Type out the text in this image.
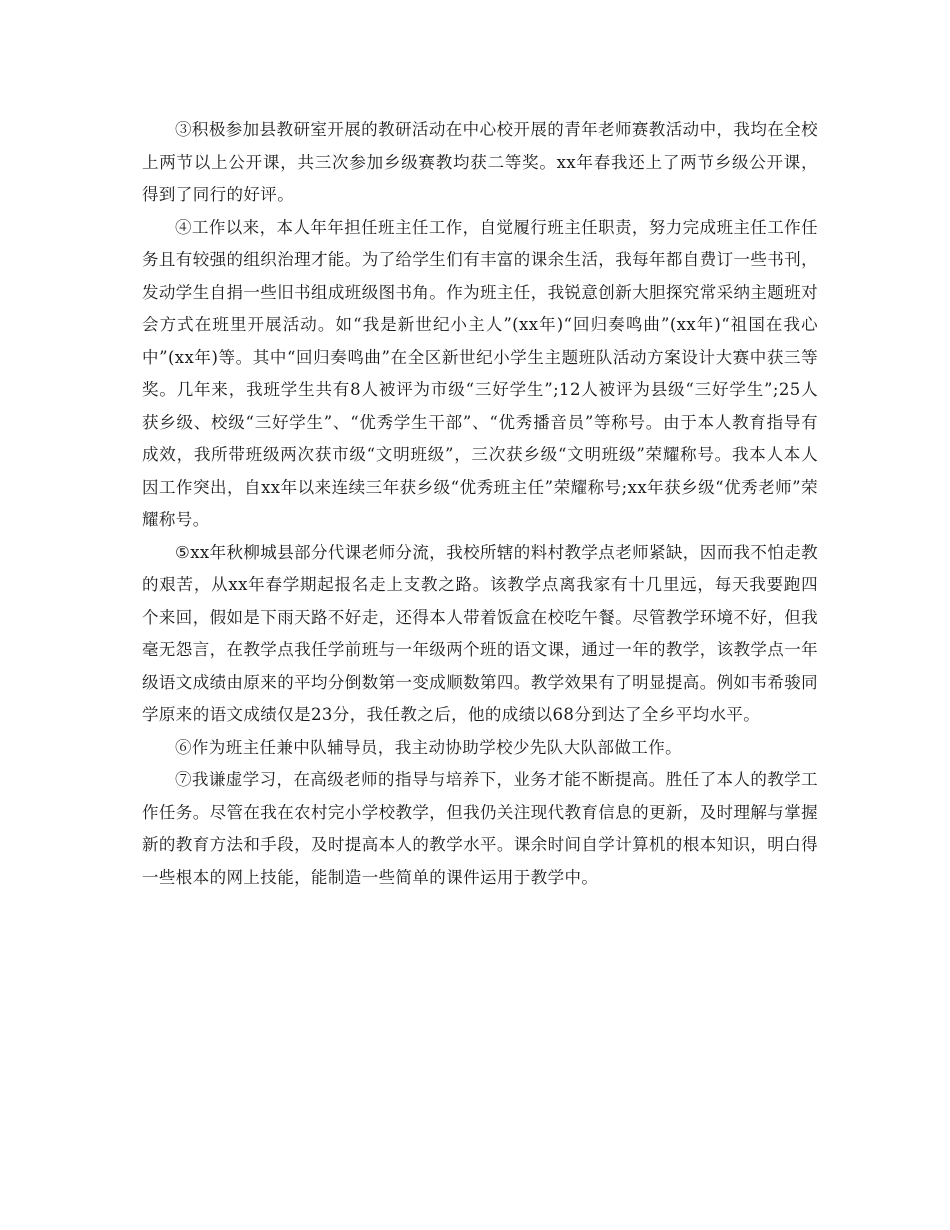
③积极参加县教研室开展的教研活动在中心校开展的青年老师赛教活动中，我均在全校上两节以上公开课，共三次参加乡级赛教均获二等奖。xx年春我还上了两节乡级公开课，得到了同行的好评。

④工作以来，本人年年担任班主任工作，自觉履行班主任职责，努力完成班主任工作任务且有较强的组织治理才能。为了给学生们有丰富的课余生活，我每年都自费订一些书刊，发动学生自捐一些旧书组成班级图书角。作为班主任，我锐意创新大胆探究常采纳主题班对会方式在班里开展活动。如“我是新世纪小主人”(xx年)“回归奏鸣曲”(xx年)“祖国在我心中”(xx年)等。其中“回归奏鸣曲”在全区新世纪小学生主题班队活动方案设计大赛中获三等奖。几年来，我班学生共有8人被评为市级“三好学生”;12人被评为县级“三好学生”;25人获乡级、校级“三好学生”、“优秀学生干部”、“优秀播音员”等称号。由于本人教育指导有成效，我所带班级两次获市级“文明班级”，三次获乡级“文明班级”荣耀称号。我本人本人因工作突出，自xx年以来连续三年获乡级“优秀班主任”荣耀称号;xx年获乡级“优秀老师”荣耀称号。

⑤xx年秋柳城县部分代课老师分流，我校所辖的料村教学点老师紧缺，因而我不怕走教的艰苦，从xx年春学期起报名走上支教之路。该教学点离我家有十几里远，每天我要跑四个来回，假如是下雨天路不好走，还得本人带着饭盒在校吃午餐。尽管教学环境不好，但我毫无怨言，在教学点我任学前班与一年级两个班的语文课，通过一年的教学，该教学点一年级语文成绩由原来的平均分倒数第一变成顺数第四。教学效果有了明显提高。例如韦希骏同学原来的语文成绩仅是23分，我任教之后，他的成绩以68分到达了全乡平均水平。

⑥作为班主任兼中队辅导员，我主动协助学校少先队大队部做工作。

⑦我谦虚学习，在高级老师的指导与培养下，业务才能不断提高。胜任了本人的教学工作任务。尽管在我在农村完小学校教学，但我仍关注现代教育信息的更新，及时理解与掌握新的教育方法和手段，及时提高本人的教学水平。课余时间自学计算机的根本知识，明白得一些根本的网上技能，能制造一些简单的课件运用于教学中。
